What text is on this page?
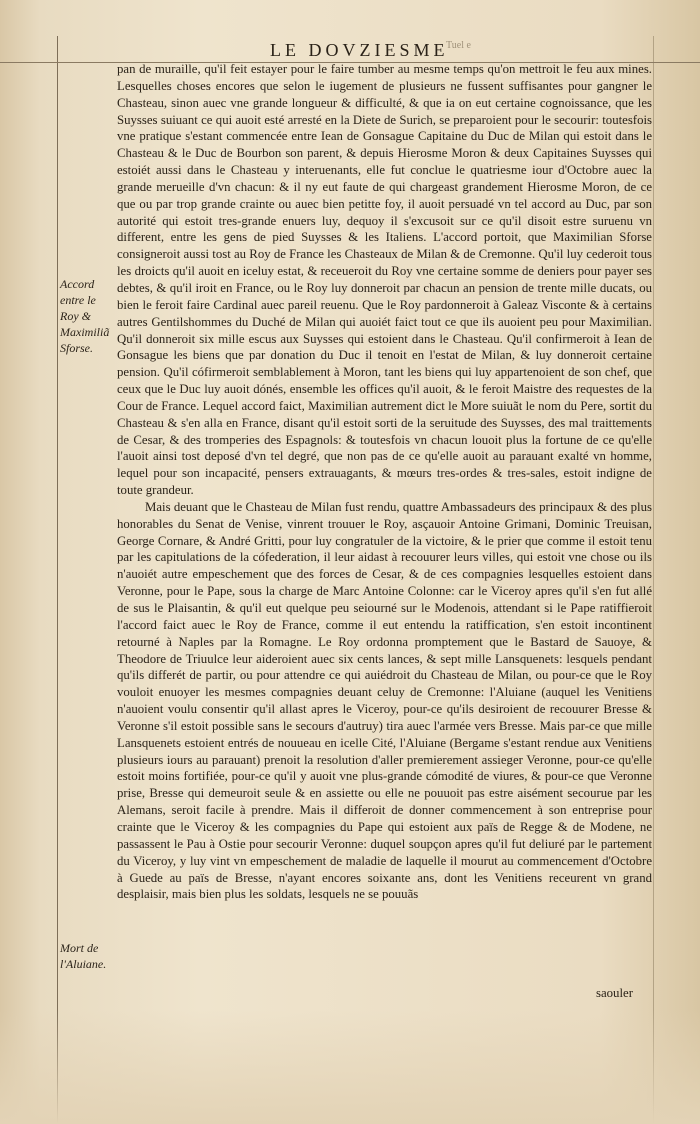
LE DOVZIESME
Tuel e
Accord entre le Roy & Maximiliã Sforse.
Mort de l'Aluiane.

pan de muraille, qu'il feit estayer pour le faire tumber au mesme temps qu'on mettroit le feu aux mines. Lesquelles choses encores que selon le iugement de plusieurs ne fussent suffisantes pour gangner le Chasteau, sinon auec vne grande longueur & difficulté, & que ia on eut certaine cognoissance, que les Suysses suiuant ce qui auoit esté arresté en la Diete de Surich, se preparoient pour le secourir: toutesfois vne pratique s'estant commencée entre Iean de Gonsague Capitaine du Duc de Milan qui estoit dans le Chasteau & le Duc de Bourbon son parent, & depuis Hierosme Moron & deux Capitaines Suysses qui estoiét aussi dans le Chasteau y interuenants, elle fut conclue le quatriesme iour d'Octobre auec la grande merueille d'vn chacun: & il ny eut faute de qui chargeast grandement Hierosme Moron, de ce que ou par trop grande crainte ou auec bien petitte foy, il auoit persuadé vn tel accord au Duc, par son autorité qui estoit tres-grande enuers luy, dequoy il s'excusoit sur ce qu'il disoit estre suruenu vn different, entre les gens de pied Suysses & les Italiens. L'accord portoit, que Maximilian Sforse consigneroit aussi tost au Roy de France les Chasteaux de Milan & de Cremonne. Qu'il luy cederoit tous les droicts qu'il auoit en iceluy estat, & receueroit du Roy vne certaine somme de deniers pour payer ses debtes, & qu'il iroit en France, ou le Roy luy donneroit par chacun an pension de trente mille ducats, ou bien le feroit faire Cardinal auec pareil reuenu. Que le Roy pardonneroit à Galeaz Visconte & à certains autres Gentilshommes du Duché de Milan qui auoiét faict tout ce que ils auoient peu pour Maximilian. Qu'il donneroit six mille escus aux Suysses qui estoient dans le Chasteau. Qu'il confirmeroit à Iean de Gonsague les biens que par donation du Duc il tenoit en l'estat de Milan, & luy donneroit certaine pension. Qu'il cófirmeroit semblablement à Moron, tant les biens qui luy appartenoient de son chef, que ceux que le Duc luy auoit dónés, ensemble les offices qu'il auoit, & le feroit Maistre des requestes de la Cour de France. Lequel accord faict, Maximilian autrement dict le More suiuãt le nom du Pere, sortit du Chasteau & s'en alla en France, disant qu'il estoit sorti de la seruitude des Suysses, des mal traittements de Cesar, & des tromperies des Espagnols: & toutesfois vn chacun louoit plus la fortune de ce qu'elle l'auoit ainsi tost deposé d'vn tel degré, que non pas de ce qu'elle auoit au parauant exalté vn homme, lequel pour son incapacité, pensers extrauagants, & mœurs tres-ordes & tres-sales, estoit indigne de toute grandeur.

Mais deuant que le Chasteau de Milan fust rendu, quattre Ambassadeurs des principaux & des plus honorables du Senat de Venise, vinrent trouuer le Roy, asçauoir Antoine Grimani, Dominic Treuisan, George Cornare, & André Gritti, pour luy congratuler de la victoire, & le prier que comme il estoit tenu par les capitulations de la cófederation, il leur aidast à recouurer leurs villes, qui estoit vne chose ou ils n'auoiét autre empeschement que des forces de Cesar, & de ces compagnies lesquelles estoient dans Veronne, pour le Pape, sous la charge de Marc Antoine Colonne: car le Viceroy apres qu'il s'en fut allé de sus le Plaisantin, & qu'il eut quelque peu seiourné sur le Modenois, attendant si le Pape ratiffieroit l'accord faict auec le Roy de France, comme il eut entendu la ratiffication, s'en estoit incontinent retourné à Naples par la Romagne. Le Roy ordonna promptement que le Bastard de Sauoye, & Theodore de Triuulce leur aideroient auec six cents lances, & sept mille Lansquenets: lesquels pendant qu'ils differét de partir, ou pour attendre ce qui auiédroit du Chasteau de Milan, ou pour-ce que le Roy vouloit enuoyer les mesmes compagnies deuant celuy de Cremonne: l'Aluiane (auquel les Venitiens n'auoient voulu consentir qu'il allast apres le Viceroy, pour-ce qu'ils desiroient de recouurer Bresse & Veronne s'il estoit possible sans le secours d'autruy) tira auec l'armée vers Bresse. Mais par-ce que mille Lansquenets estoient entrés de nouueau en icelle Cité, l'Aluiane (Bergame s'estant rendue aux Venitiens plusieurs iours au parauant) prenoit la resolution d'aller premierement assieger Veronne, pour-ce qu'elle estoit moins fortifiée, pour-ce qu'il y auoit vne plus-grande cómodité de viures, & pour-ce que Veronne prise, Bresse qui demeuroit seule & en assiette ou elle ne pouuoit pas estre aisément secourue par les Alemans, seroit facile à prendre. Mais il differoit de donner commencement à son entreprise pour crainte que le Viceroy & les compagnies du Pape qui estoient aux païs de Regge & de Modene, ne passassent le Pau à Ostie pour secourir Veronne: duquel soupçon apres qu'il fut deliuré par le partement du Viceroy, y luy vint vn empeschement de maladie de laquelle il mourut au commencement d'Octobre à Guede au païs de Bresse, n'ayant encores soixante ans, dont les Venitiens receurent vn grand desplaisir, mais bien plus les soldats, lesquels ne se pouuãs

saouler
